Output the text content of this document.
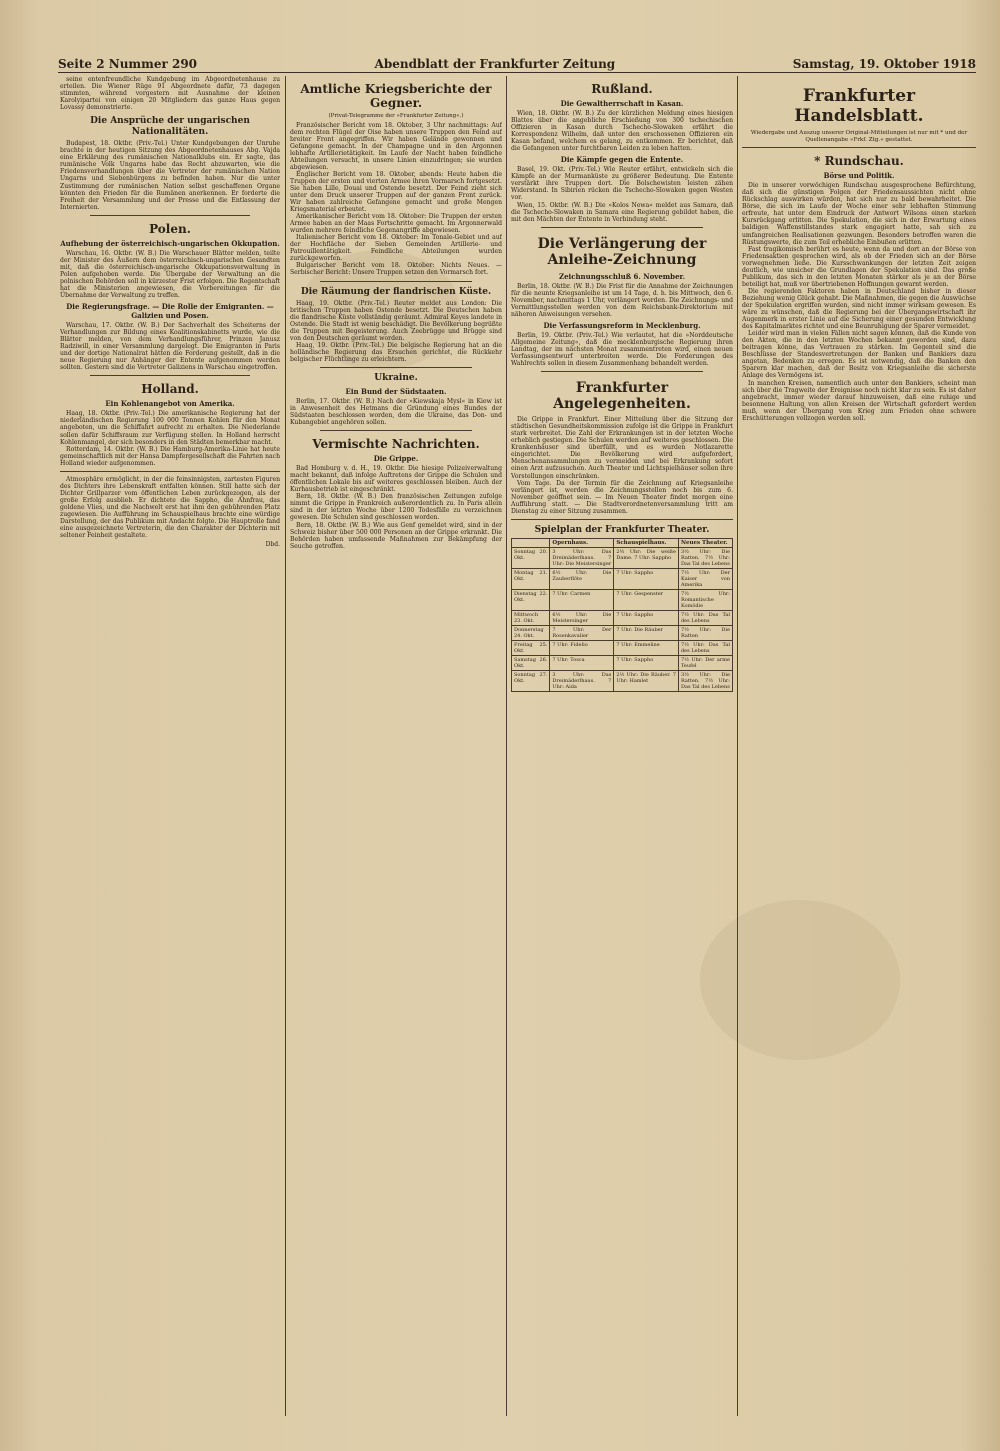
Seite 2 Nummer 290	Abendblatt der Frankfurter Zeitung	Samstag, 19. Oktober 1918

seine entenfreundliche Kundgebung im Abgeordnetenhause zu erteilen. Die Wiener Rüge 91 Abgeordnete dafür, 73 dagegen stimmten, während vorgestern mit Ausnahme der kleinen Karolyipartei von einigen 20 Mitgliedern das ganze Haus gegen Lovassy demonstrierte.

Die Ansprüche der ungarischen Nationalitäten.

Budapest, 18. Oktbr. (Priv.-Tel.) Unter Kundgebungen der Unruhe brachte in der heutigen Sitzung des Abgeordnetenhauses Abg. Vajda eine Erklärung des rumänischen Nationalklubs ein. Er sagte, das rumänische Volk Ungarns habe das Recht abzuwarten, wie die Friedensverhandlungen über die Vertreter der rumänischen Nation Ungarns und Siebenbürgens zu befinden haben. Nur die unter Zustimmung der rumänischen Nation selbst geschaffenen Organe könnten den Frieden für die Rumänen anerkennen. Er forderte die Freiheit der Versammlung und der Presse und die Entlassung der Internierten.

Polen.
Aufhebung der österreichisch-ungarischen Okkupation.

Warschau, 16. Oktbr. (W. B.) Die Warschauer Blätter melden, teilte der Minister des Äußern dem österreichisch-ungarischen Gesandten mit, daß die österreichisch-ungarische Okkupationsverwaltung in Polen aufgehoben werde. Die Übergabe der Verwaltung an die polnischen Behörden soll in kürzester Frist erfolgen. Die Regentschaft hat die Ministerien angewiesen, die Vorbereitungen für die Übernahme der Verwaltung zu treffen.

Die Regierungsfrage. — Die Rolle der Emigranten. — Galizien und Posen.

Warschau, 17. Oktbr. (W. B.) Der Sachverhalt des Scheiterns der Verhandlungen zur Bildung eines Koalitionskabinetts wurde, wie die Blätter melden, von dem Verhandlungsführer, Prinzen Janusz Radziwill, in einer Versammlung dargelegt. Die Emigranten in Paris und der dortige Nationalrat hätten die Forderung gestellt, daß in die neue Regierung nur Anhänger der Entente aufgenommen werden sollten. Gestern sind die Vertreter Galiziens in Warschau eingetroffen.

Holland.
Ein Kohlenangebot von Amerika.

Haag, 18. Oktbr. (Priv.-Tel.) Die amerikanische Regierung hat der niederländischen Regierung 100 000 Tonnen Kohlen für den Monat angeboten, um die Schiffahrt aufrecht zu erhalten. Die Niederlande sollen dafür Schiffsraum zur Verfügung stellen. In Holland herrscht Kohlenmangel, der sich besonders in den Städten bemerkbar macht.

Rotterdam, 14. Oktbr. (W. B.) Die Hamburg-Amerika-Linie hat heute gemeinschaftlich mit der Hansa Dampfergesellschaft die Fahrten nach Holland wieder aufgenommen.

Atmosphäre ermöglicht, in der die feinsinnigsten, zartesten Figuren des Dichters ihre Lebenskraft entfalten können. Still hatte sich der Dichter Grillparzer vom öffentlichen Leben zurückgezogen, als der große Erfolg ausblieb. Er dichtete die Sappho, die Ahnfrau, das goldene Vlies, und die Nachwelt erst hat ihm den gebührenden Platz zugewiesen. Die Aufführung im Schauspielhaus brachte eine würdige Darstellung, der das Publikum mit Andacht folgte. Die Hauptrolle fand eine ausgezeichnete Vertreterin, die den Charakter der Dichterin mit seltener Feinheit gestaltete.

Dbd.
Amtliche Kriegsberichte der Gegner.
(Privat-Telegramme der »Frankfurter Zeitung«.)

Französischer Bericht vom 18. Oktober, 3 Uhr nachmittags: Auf dem rechten Flügel der Oise haben unsere Truppen den Feind auf breiter Front angegriffen. Wir haben Gelände gewonnen und Gefangene gemacht. In der Champagne und in den Argonnen lebhafte Artillerietätigkeit. Im Laufe der Nacht haben feindliche Abteilungen versucht, in unsere Linien einzudringen; sie wurden abgewiesen.

Englischer Bericht vom 18. Oktober, abends: Heute haben die Truppen der ersten und vierten Armee ihren Vormarsch fortgesetzt. Sie haben Lille, Douai und Ostende besetzt. Der Feind zieht sich unter dem Druck unserer Truppen auf der ganzen Front zurück. Wir haben zahlreiche Gefangene gemacht und große Mengen Kriegsmaterial erbeutet.

Amerikanischer Bericht vom 18. Oktober: Die Truppen der ersten Armee haben an der Maas Fortschritte gemacht. Im Argonnerwald wurden mehrere feindliche Gegenangriffe abgewiesen.

Italienischer Bericht vom 18. Oktober: Im Tonale-Gebiet und auf der Hochfläche der Sieben Gemeinden Artillerie- und Patrouillentätigkeit. Feindliche Abteilungen wurden zurückgeworfen.

Bulgarischer Bericht vom 18. Oktober: Nichts Neues. — Serbischer Bericht: Unsere Truppen setzen den Vormarsch fort.

Die Räumung der flandrischen Küste.

Haag, 19. Oktbr. (Priv.-Tel.) Reuter meldet aus London: Die britischen Truppen haben Ostende besetzt. Die Deutschen haben die flandrische Küste vollständig geräumt. Admiral Keyes landete in Ostende. Die Stadt ist wenig beschädigt. Die Bevölkerung begrüßte die Truppen mit Begeisterung. Auch Zeebrügge und Brügge sind von den Deutschen geräumt worden.

Haag, 19. Oktbr. (Priv.-Tel.) Die belgische Regierung hat an die holländische Regierung das Ersuchen gerichtet, die Rückkehr belgischer Flüchtlinge zu erleichtern.

Ukraine.
Ein Bund der Südstaaten.

Berlin, 17. Oktbr. (W. B.) Nach der »Kiewskaja Mysl« in Kiew ist in Anwesenheit des Hetmans die Gründung eines Bundes der Südstaaten beschlossen worden, dem die Ukraine, das Don- und Kubangebiet angehören sollen.

Vermischte Nachrichten.
Die Grippe.

Bad Homburg v. d. H., 19. Oktbr. Die hiesige Polizeiverwaltung macht bekannt, daß infolge Auftretens der Grippe die Schulen und öffentlichen Lokale bis auf weiteres geschlossen bleiben. Auch der Kurhausbetrieb ist eingeschränkt.

Bern, 18. Oktbr. (W. B.) Den französischen Zeitungen zufolge nimmt die Grippe in Frankreich außerordentlich zu. In Paris allein sind in der letzten Woche über 1200 Todesfälle zu verzeichnen gewesen. Die Schulen sind geschlossen worden.

Bern, 18. Oktbr. (W. B.) Wie aus Genf gemeldet wird, sind in der Schweiz bisher über 500 000 Personen an der Grippe erkrankt. Die Behörden haben umfassende Maßnahmen zur Bekämpfung der Seuche getroffen.

Rußland.
Die Gewaltherrschaft in Kasan.

Wien, 18. Oktbr. (W. B.) Zu der kürzlichen Meldung eines hiesigen Blattes über die angebliche Erschießung von 300 tschechischen Offizieren in Kasan durch Tschecho-Slowaken erfährt die Korrespondenz Wilhelm, daß unter den erschossenen Offizieren ein Kasan befand, welchem es gelang, zu entkommen. Er berichtet, daß die Gefangenen unter furchtbaren Leiden zu leben hatten.

Die Kämpfe gegen die Entente.

Basel, 19. Okt. (Priv.-Tel.) Wie Reuter erfährt, entwickeln sich die Kämpfe an der Murmanküste zu größerer Bedeutung. Die Entente verstärkt ihre Truppen dort. Die Bolschewisten leisten zähen Widerstand. In Sibirien rücken die Tschecho-Slowaken gegen Westen vor.

Wien, 15. Oktbr. (W. B.) Die »Kolos Newa« meldet aus Samara, daß die Tschecho-Slowaken in Samara eine Regierung gebildet haben, die mit den Mächten der Entente in Verbindung steht.

Die Verlängerung der Anleihe-Zeichnung
Zeichnungsschluß 6. November.

Berlin, 18. Oktbr. (W. B.) Die Frist für die Annahme der Zeichnungen für die neunte Kriegsanleihe ist um 14 Tage, d. h. bis Mittwoch, den 6. November, nachmittags 1 Uhr, verlängert worden. Die Zeichnungs- und Vermittlungsstellen werden von dem Reichsbank-Direktorium mit näheren Anweisungen versehen.

Die Verfassungsreform in Mecklenburg.

Berlin, 19. Oktbr. (Priv.-Tel.) Wie verlautet, hat die »Norddeutsche Allgemeine Zeitung«, daß die mecklenburgische Regierung ihren Landtag, der im nächsten Monat zusammentreten wird, einen neuen Verfassungsentwurf unterbreiten werde. Die Forderungen des Wahlrechts sollen in diesem Zusammenhang behandelt werden.

Frankfurter Angelegenheiten.

Die Grippe in Frankfurt. Einer Mitteilung über die Sitzung der städtischen Gesundheitskommission zufolge ist die Grippe in Frankfurt stark verbreitet. Die Zahl der Erkrankungen ist in der letzten Woche erheblich gestiegen. Die Schulen werden auf weiteres geschlossen. Die Krankenhäuser sind überfüllt, und es wurden Notlazarette eingerichtet. Die Bevölkerung wird aufgefordert, Menschenansammlungen zu vermeiden und bei Erkrankung sofort einen Arzt aufzusuchen. Auch Theater und Lichtspielhäuser sollen ihre Vorstellungen einschränken.

Vom Tage. Da der Termin für die Zeichnung auf Kriegsanleihe verlängert ist, werden die Zeichnungsstellen noch bis zum 6. November geöffnet sein. — Im Neuen Theater findet morgen eine Aufführung statt. — Die Stadtverordnetenversammlung tritt am Dienstag zu einer Sitzung zusammen.

Spielplan der Frankfurter Theater.
	Opernhaus.	Schauspielhaus.	Neues Theater.
Sonntag 20. Okt.	3 Uhr: Das Dreimäderlhaus. 7 Uhr: Die Meistersinger	2½ Uhr: Die weiße Dame. 7 Uhr: Sappho	3½ Uhr: Die Ratten. 7½ Uhr: Das Tal des Lebens
Montag 21. Okt.	6½ Uhr: Die Zauberflöte	7 Uhr: Sappho	7½ Uhr: Der Kaiser von Amerika
Dienstag 22. Okt.	7 Uhr: Carmen	7 Uhr: Gespenster	7½ Uhr: Romantische Komödie
Mittwoch 23. Okt.	6½ Uhr: Die Meistersinger	7 Uhr: Sappho	7½ Uhr: Das Tal des Lebens
Donnerstag 24. Okt.	7 Uhr: Der Rosenkavalier	7 Uhr: Die Räuber	7½ Uhr: Die Ratten
Freitag 25. Okt.	7 Uhr: Fidelio	7 Uhr: Emmeline	7½ Uhr: Das Tal des Lebens
Samstag 26. Okt.	7 Uhr: Tosca	7 Uhr: Sappho	7½ Uhr: Der arme Teufel
Sonntag 27. Okt.	3 Uhr: Das Dreimäderlhaus. 7 Uhr: Aida	2½ Uhr: Die Räuber. 7 Uhr: Hamlet	3½ Uhr: Die Ratten. 7½ Uhr: Das Tal des Lebens
Frankfurter Handelsblatt.
Wiedergabe und Auszug unserer Original-Mitteilungen ist nur mit * und der Quellenangabe »Frkf. Ztg.« gestattet.
* Rundschau.
Börse und Politik.

Die in unserer vorwöchigen Rundschau ausgesprochene Befürchtung, daß sich die günstigen Folgen der Friedensaussichten nicht ohne Rückschlag auswirken würden, hat sich nur zu bald bewahrheitet. Die Börse, die sich im Laufe der Woche einer sehr lebhaften Stimmung erfreute, hat unter dem Eindruck der Antwort Wilsons einen starken Kursrückgang erlitten. Die Spekulation, die sich in der Erwartung eines baldigen Waffenstillstandes stark engagiert hatte, sah sich zu umfangreichen Realisationen gezwungen. Besonders betroffen waren die Rüstungswerte, die zum Teil erhebliche Einbußen erlitten.

Fast tragikomisch berührt es heute, wenn da und dort an der Börse von Friedensaktien gesprochen wird, als ob der Frieden sich an der Börse vorwegnehmen ließe. Die Kursschwankungen der letzten Zeit zeigen deutlich, wie unsicher die Grundlagen der Spekulation sind. Das große Publikum, das sich in den letzten Monaten stärker als je an der Börse beteiligt hat, muß vor übertriebenen Hoffnungen gewarnt werden.

Die regierenden Faktoren haben in Deutschland bisher in dieser Beziehung wenig Glück gehabt. Die Maßnahmen, die gegen die Auswüchse der Spekulation ergriffen wurden, sind nicht immer wirksam gewesen. Es wäre zu wünschen, daß die Regierung bei der Übergangswirtschaft ihr Augenmerk in erster Linie auf die Sicherung einer gesunden Entwicklung des Kapitalmarktes richtet und eine Beunruhigung der Sparer vermeidet.

Leider wird man in vielen Fällen nicht sagen können, daß die Kunde von den Akten, die in den letzten Wochen bekannt geworden sind, dazu beitragen könne, das Vertrauen zu stärken. Im Gegenteil sind die Beschlüsse der Standesvertretungen der Banken und Bankiers dazu angetan, Bedenken zu erregen. Es ist notwendig, daß die Banken den Sparern klar machen, daß der Besitz von Kriegsanleihe die sicherste Anlage des Vermögens ist.

In manchen Kreisen, namentlich auch unter den Bankiers, scheint man sich über die Tragweite der Ereignisse noch nicht klar zu sein. Es ist daher angebracht, immer wieder darauf hinzuweisen, daß eine ruhige und besonnene Haltung von allen Kreisen der Wirtschaft gefordert werden muß, wenn der Übergang vom Krieg zum Frieden ohne schwere Erschütterungen vollzogen werden soll.
